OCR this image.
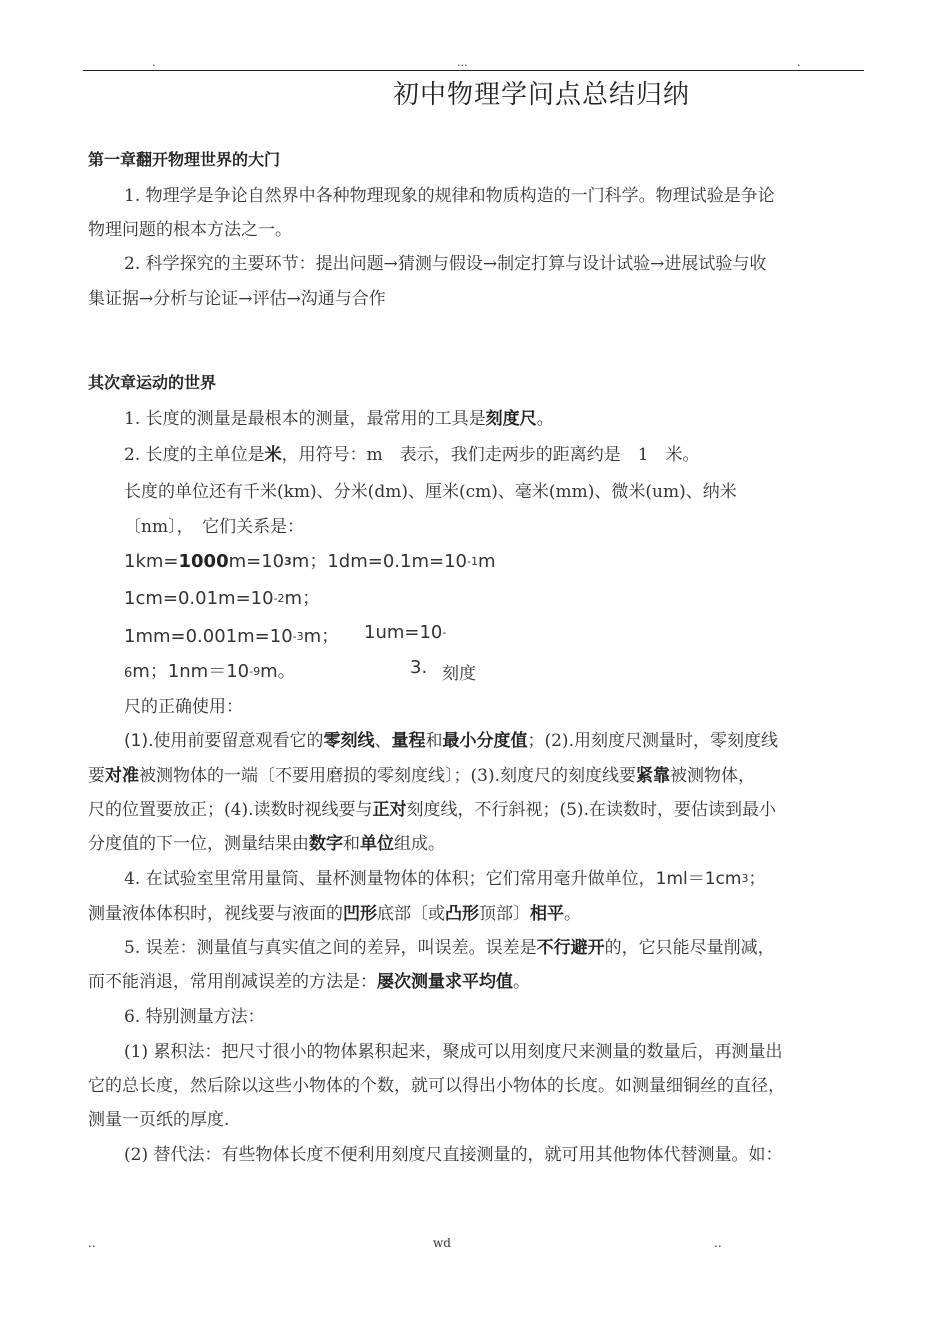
.	...	.
初中物理学问点总结归纳
第一章翻开物理世界的大门
1. 物理学是争论自然界中各种物理现象的规律和物质构造的一门科学。物理试验是争论
物理问题的根本方法之一。
2. 科学探究的主要环节：提出问题→猜测与假设→制定打算与设计试验→进展试验与收
集证据→分析与论证→评估→沟通与合作
其次章运动的世界
1. 长度的测量是最根本的测量，最常用的工具是刻度尺。
2. 长度的主单位是米，用符号：m　表示，我们走两步的距离约是　1　米。
长度的单位还有千米(km)、分米(dm)、厘米(cm)、毫米(mm)、微米(um)、纳米
〔nm〕，　它们关系是：
1km=1000m=103m；1dm=0.1m=10-1m
1cm=0.01m=10-2m；
1mm=0.001m=10-3m； 1um=10-
6m；1nm＝10-9m。	3. 刻度
尺的正确使用：
(1).使用前要留意观看它的零刻线、量程和最小分度值；(2).用刻度尺测量时，零刻度线
要对准被测物体的一端〔不要用磨损的零刻度线〕；(3).刻度尺的刻度线要紧靠被测物体，
尺的位置要放正；(4).读数时视线要与正对刻度线，不行斜视；(5).在读数时，要估读到最小
分度值的下一位，测量结果由数字和单位组成。
4. 在试验室里常用量筒、量杯测量物体的体积；它们常用毫升做单位，1ml＝1cm3；
测量液体体积时，视线要与液面的凹形底部〔或凸形顶部〕相平。
5. 误差：测量值与真实值之间的差异，叫误差。误差是不行避开的，它只能尽量削减，
而不能消退，常用削减误差的方法是：屡次测量求平均值。
6. 特别测量方法：
(1) 累积法：把尺寸很小的物体累积起来，聚成可以用刻度尺来测量的数量后，再测量出
它的总长度，然后除以这些小物体的个数，就可以得出小物体的长度。如测量细铜丝的直径，
测量一页纸的厚度.
(2) 替代法：有些物体长度不便利用刻度尺直接测量的，就可用其他物体代替测量。如：
..	wd	..
